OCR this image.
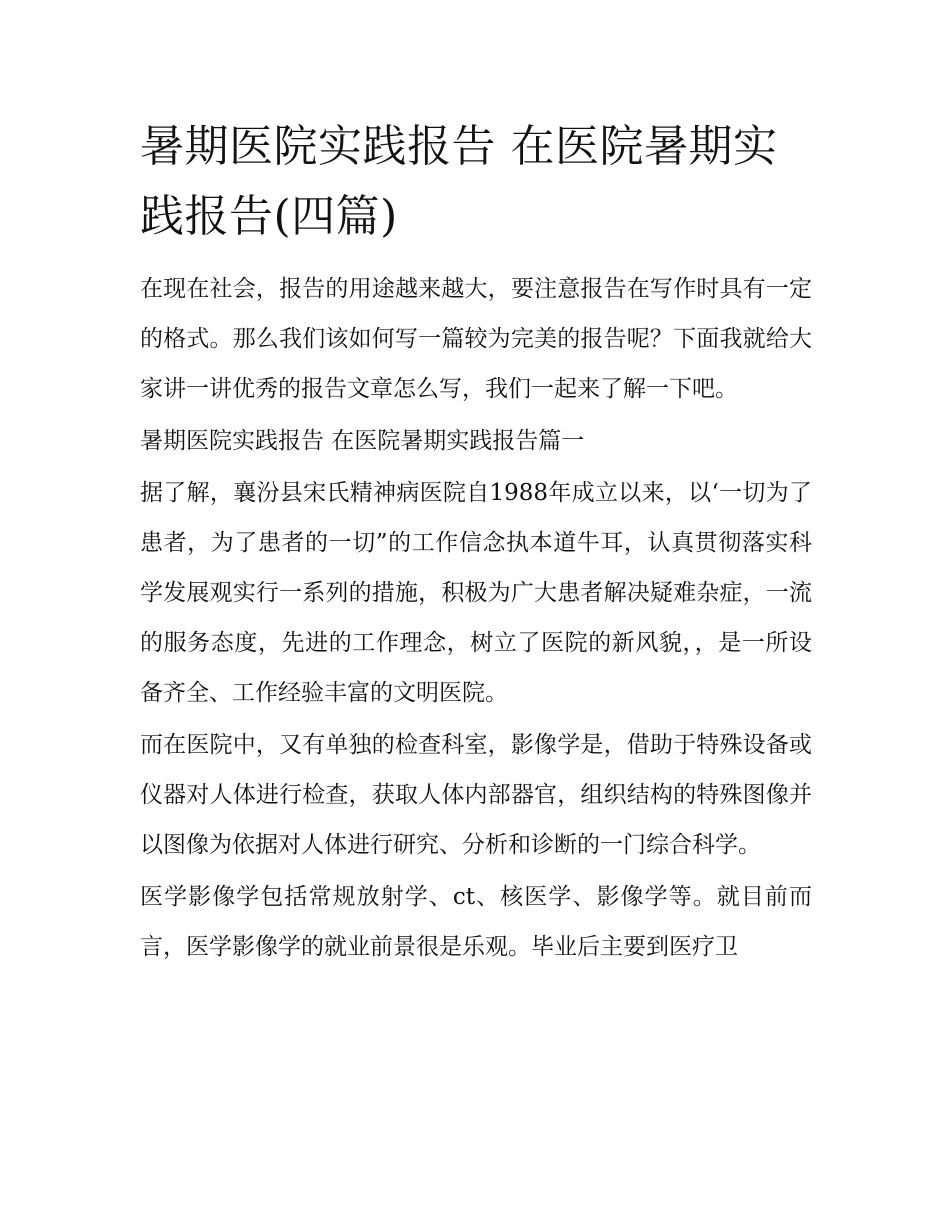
暑期医院实践报告 在医院暑期实践报告(四篇)

在现在社会，报告的用途越来越大，要注意报告在写作时具有一定的格式。那么我们该如何写一篇较为完美的报告呢？下面我就给大家讲一讲优秀的报告文章怎么写，我们一起来了解一下吧。

暑期医院实践报告 在医院暑期实践报告篇一

据了解，襄汾县宋氏精神病医院自1988年成立以来，以‘一切为了患者，为了患者的一切”的工作信念执本道牛耳，认真贯彻落实科学发展观实行一系列的措施，积极为广大患者解决疑难杂症，一流的服务态度，先进的工作理念，树立了医院的新风貌，，是一所设备齐全、工作经验丰富的文明医院。

而在医院中，又有单独的检查科室，影像学是，借助于特殊设备或仪器对人体进行检查，获取人体内部器官，组织结构的特殊图像并以图像为依据对人体进行研究、分析和诊断的一门综合科学。

医学影像学包括常规放射学、ct、核医学、影像学等。就目前而言，医学影像学的就业前景很是乐观。毕业后主要到医疗卫
